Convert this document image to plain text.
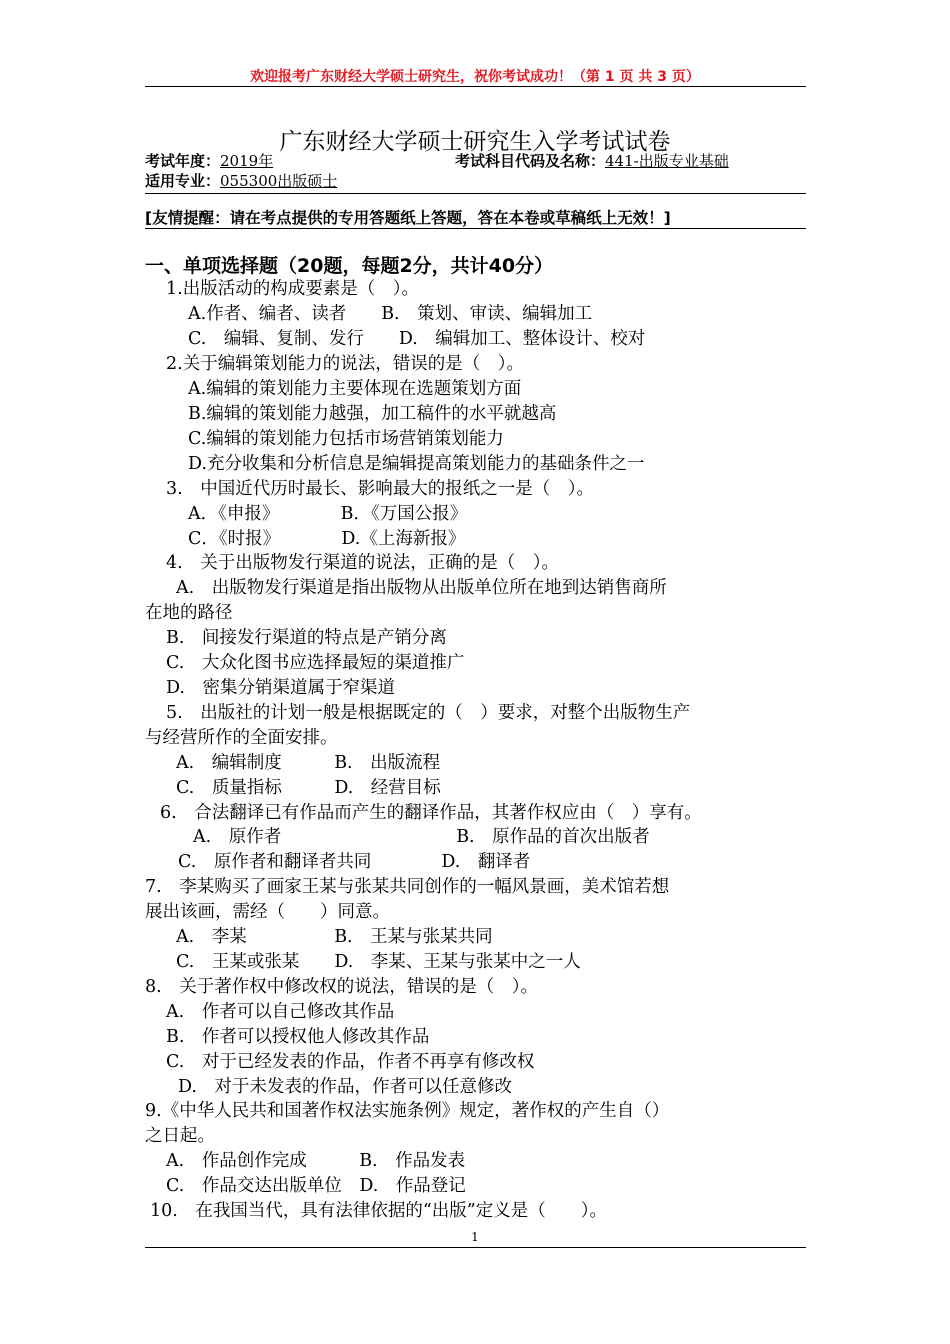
欢迎报考广东财经大学硕士研究生，祝你考试成功！（第 1 页 共 3 页）
广东财经大学硕士研究生入学考试试卷
考试年度：2019年	考试科目代码及名称：441-出版专业基础
适用专业：055300出版硕士
[友情提醒：请在考点提供的专用答题纸上答题，答在本卷或草稿纸上无效！]
一、单项选择题（20题，每题2分，共计40分）
1.出版活动的构成要素是（　）。
A.作者、编者、读者　　B.　策划、审读、编辑加工
C.　编辑、复制、发行　　D.　编辑加工、整体设计、校对
2.关于编辑策划能力的说法，错误的是（　）。
A.编辑的策划能力主要体现在选题策划方面
B.编辑的策划能力越强，加工稿件的水平就越高
C.编辑的策划能力包括市场营销策划能力
D.充分收集和分析信息是编辑提高策划能力的基础条件之一
3.　中国近代历时最长、影响最大的报纸之一是（　）。
A．《申报》　　　　B．《万国公报》
C．《时报》　　　　D.《上海新报》
4.　关于出版物发行渠道的说法，正确的是（　）。
A.　出版物发行渠道是指出版物从出版单位所在地到达销售商所
在地的路径
B.　间接发行渠道的特点是产销分离
C.　大众化图书应选择最短的渠道推广
D.　密集分销渠道属于窄渠道
5.　出版社的计划一般是根据既定的（　）要求，对整个出版物生产
与经营所作的全面安排。
A.　编辑制度　　　B.　出版流程
C.　质量指标　　　D.　经营目标
6.　合法翻译已有作品而产生的翻译作品，其著作权应由（　）享有。
A.　原作者　　　　　　　　　　B.　原作品的首次出版者
C.　原作者和翻译者共同　　　　D.　翻译者
7.　李某购买了画家王某与张某共同创作的一幅风景画，美术馆若想
展出该画，需经（　　）同意。
A.　李某　　　　　B.　王某与张某共同
C.　王某或张某　　D.　李某、王某与张某中之一人
8.　关于著作权中修改权的说法，错误的是（　）。
A.　作者可以自己修改其作品
B.　作者可以授权他人修改其作品
C.　对于已经发表的作品，作者不再享有修改权
D.　对于未发表的作品，作者可以任意修改
9.《中华人民共和国著作权法实施条例》规定，著作权的产生自（）
之日起。
A.　作品创作完成　　　B.　作品发表
C.　作品交达出版单位　D.　作品登记
10.　在我国当代，具有法律依据的“出版”定义是（　　）。
1
